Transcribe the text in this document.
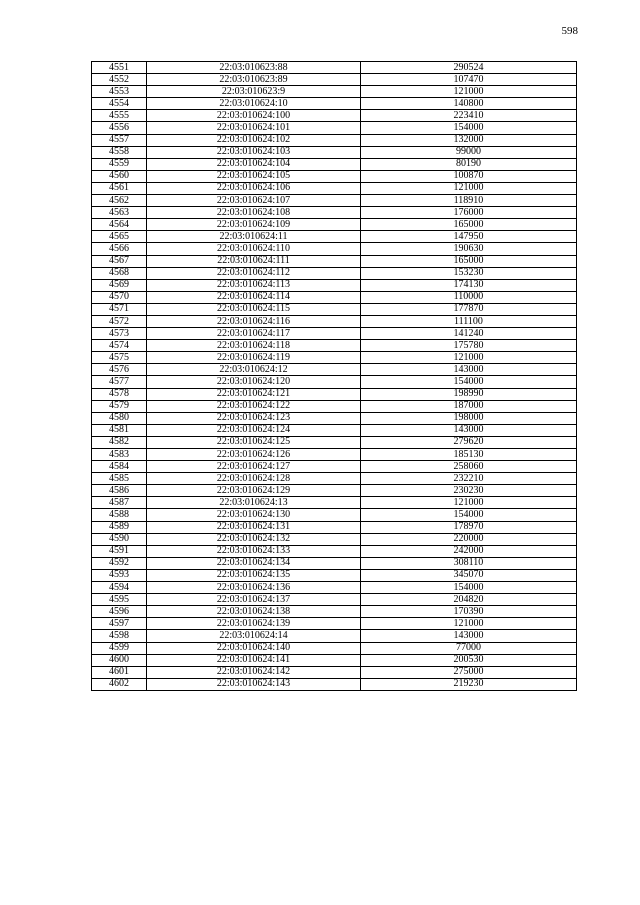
598
4551	22:03:010623:88	290524
4552	22:03:010623:89	107470
4553	22:03:010623:9	121000
4554	22:03:010624:10	140800
4555	22:03:010624:100	223410
4556	22:03:010624:101	154000
4557	22:03:010624:102	132000
4558	22:03:010624:103	99000
4559	22:03:010624:104	80190
4560	22:03:010624:105	100870
4561	22:03:010624:106	121000
4562	22:03:010624:107	118910
4563	22:03:010624:108	176000
4564	22:03:010624:109	165000
4565	22:03:010624:11	147950
4566	22:03:010624:110	190630
4567	22:03:010624:111	165000
4568	22:03:010624:112	153230
4569	22:03:010624:113	174130
4570	22:03:010624:114	110000
4571	22:03:010624:115	177870
4572	22:03:010624:116	111100
4573	22:03:010624:117	141240
4574	22:03:010624:118	175780
4575	22:03:010624:119	121000
4576	22:03:010624:12	143000
4577	22:03:010624:120	154000
4578	22:03:010624:121	198990
4579	22:03:010624:122	187000
4580	22:03:010624:123	198000
4581	22:03:010624:124	143000
4582	22:03:010624:125	279620
4583	22:03:010624:126	185130
4584	22:03:010624:127	258060
4585	22:03:010624:128	232210
4586	22:03:010624:129	230230
4587	22:03:010624:13	121000
4588	22:03:010624:130	154000
4589	22:03:010624:131	178970
4590	22:03:010624:132	220000
4591	22:03:010624:133	242000
4592	22:03:010624:134	308110
4593	22:03:010624:135	345070
4594	22:03:010624:136	154000
4595	22:03:010624:137	204820
4596	22:03:010624:138	170390
4597	22:03:010624:139	121000
4598	22:03:010624:14	143000
4599	22:03:010624:140	77000
4600	22:03:010624:141	200530
4601	22:03:010624:142	275000
4602	22:03:010624:143	219230
